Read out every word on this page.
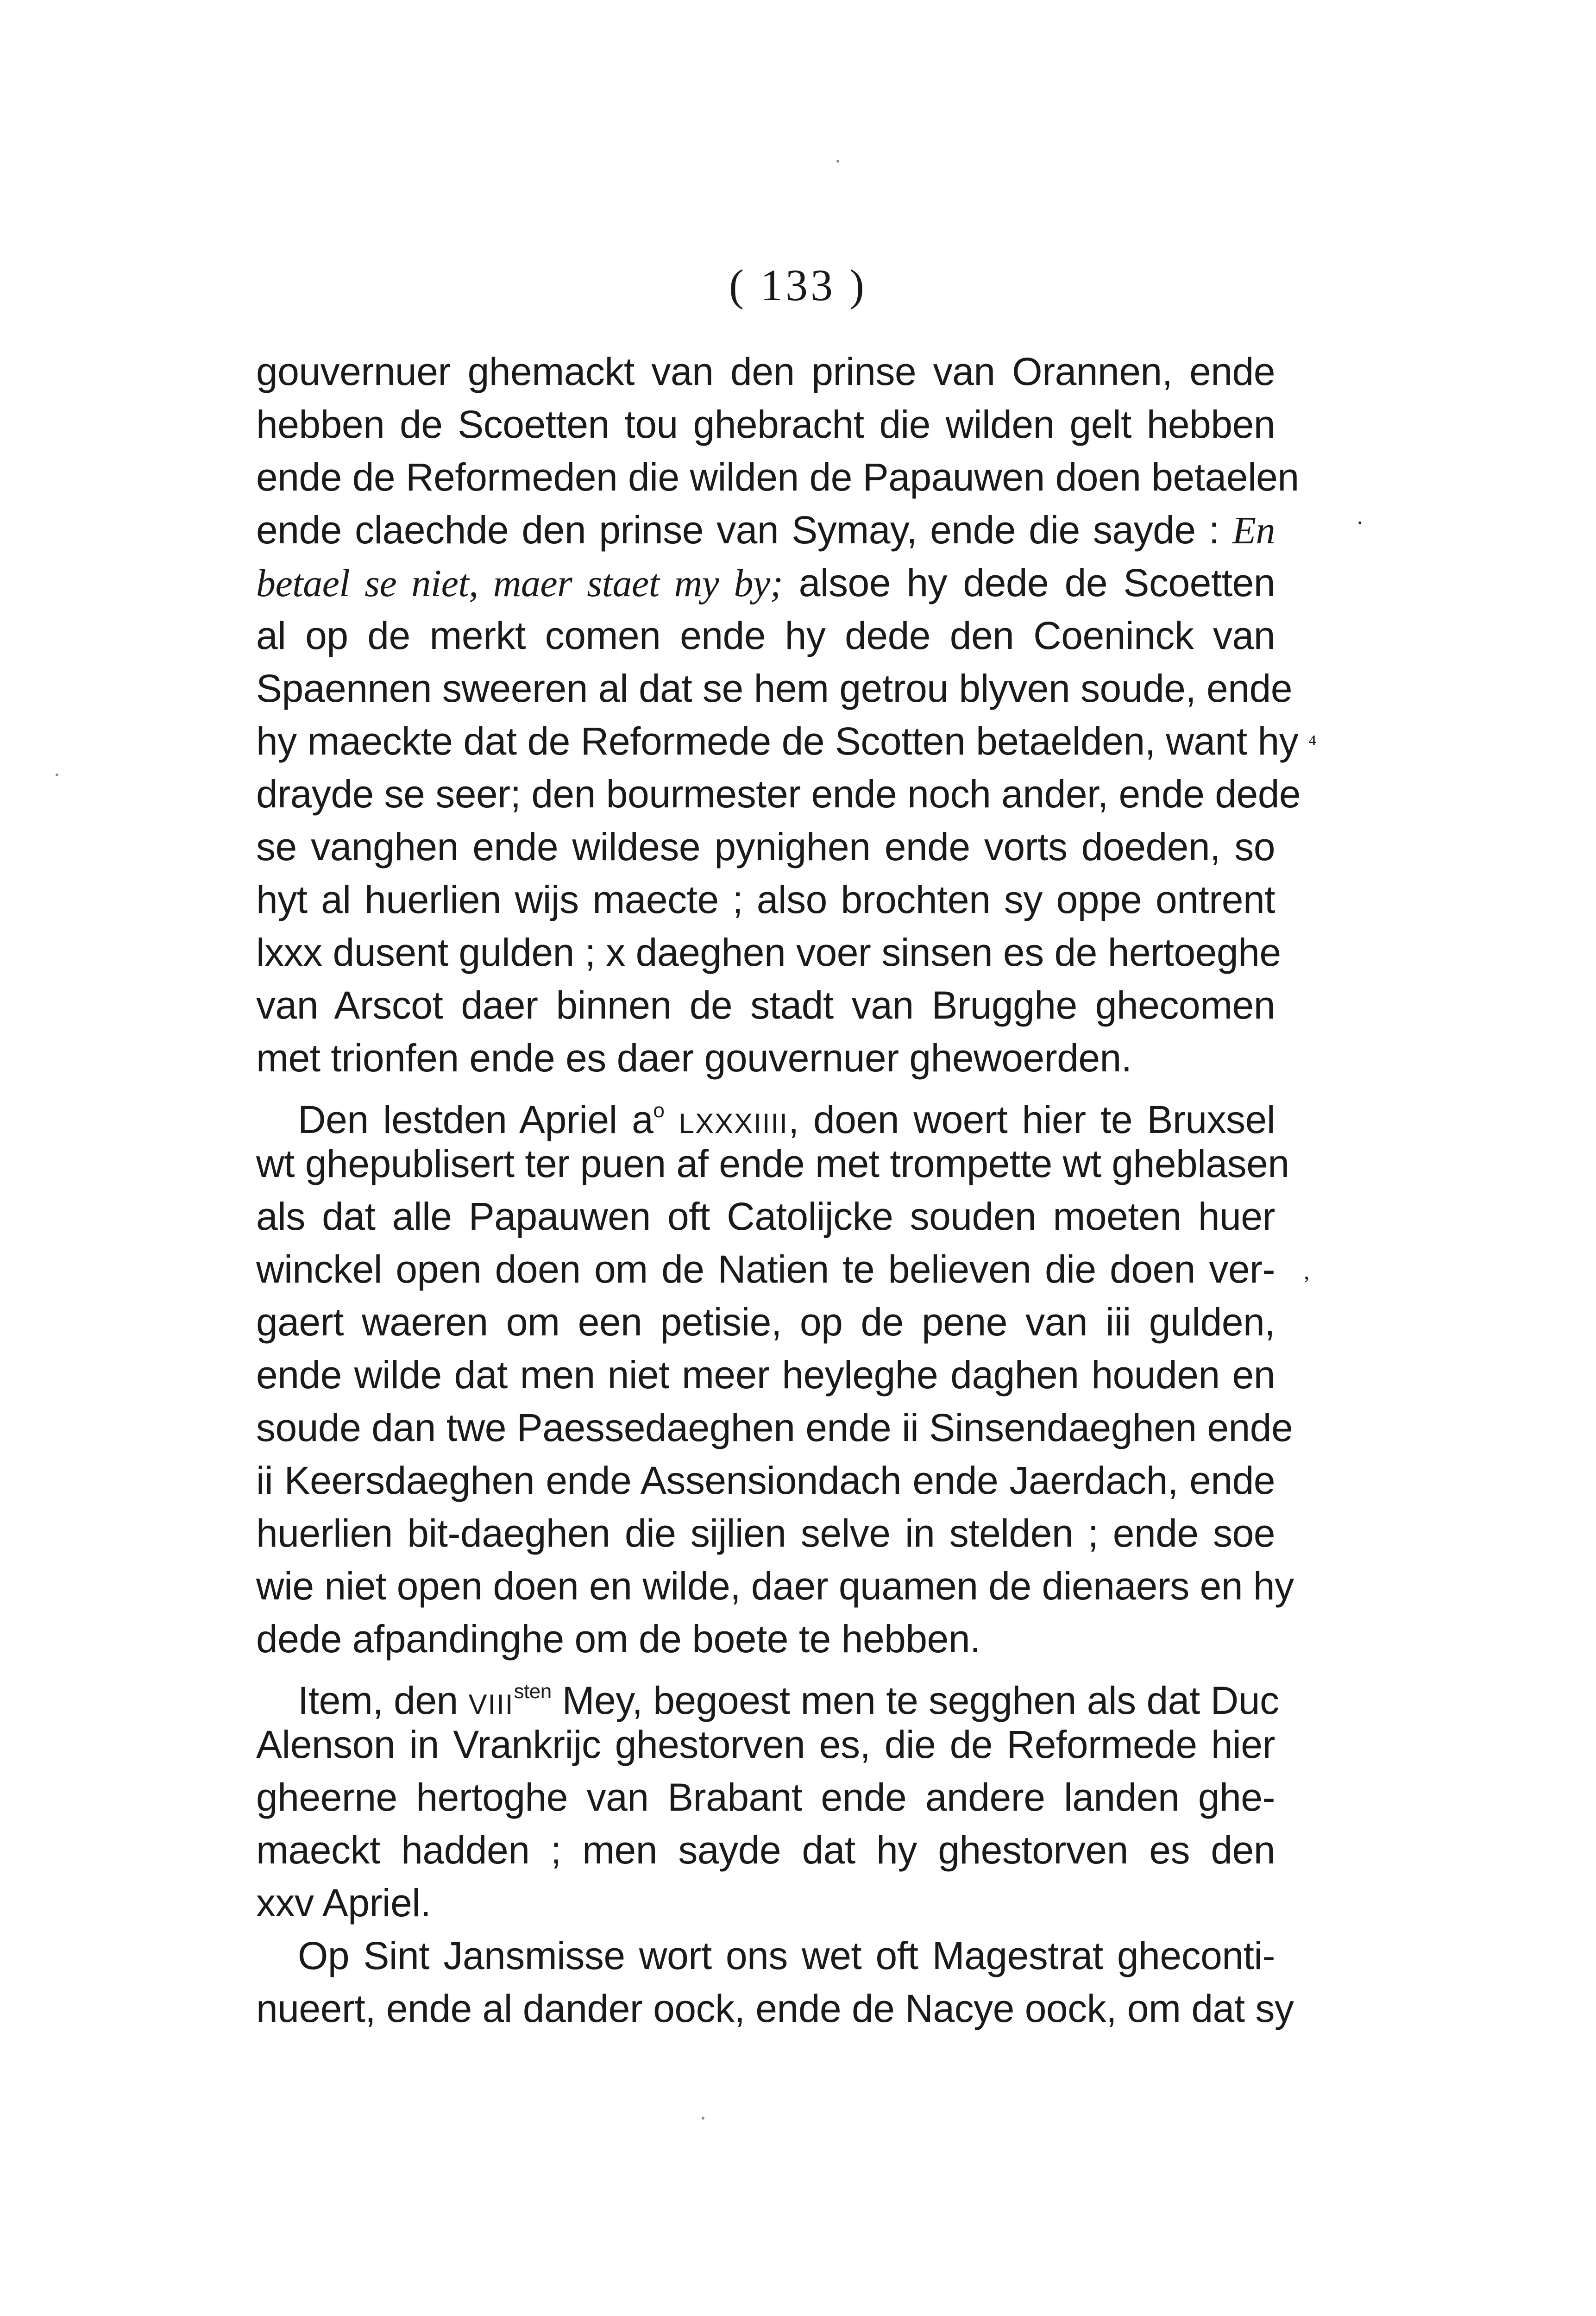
( 133 )
gouvernuer ghemackt van den prinse van Orannen, ende
hebben de Scoetten tou ghebracht die wilden gelt hebben
ende de Reformeden die wilden de Papauwen doen betaelen
ende claechde den prinse van Symay, ende die sayde : En
betael se niet, maer staet my by; alsoe hy dede de Scoetten
al op de merkt comen ende hy dede den Coeninck van
Spaennen sweeren al dat se hem getrou blyven soude, ende
hy maeckte dat de Reformede de Scotten betaelden, want hy
drayde se seer; den bourmester ende noch ander, ende dede
se vanghen ende wildese pynighen ende vorts doeden, so
hyt al huerlien wijs maecte ; also brochten sy oppe ontrent
lxxx dusent gulden ; x daeghen voer sinsen es de hertoeghe
van Arscot daer binnen de stadt van Brugghe ghecomen
met trionfen ende es daer gouvernuer ghewoerden.
Den lestden Apriel $a^o$ LXXXIIII, doen woert hier te Bruxsel
wt ghepublisert ter puen af ende met trompette wt gheblasen
als dat alle Papauwen oft Catolijcke souden moeten huer
winckel open doen om de Natien te believen die doen ver-
gaert waeren om een petisie, op de pene van iii gulden,
ende wilde dat men niet meer heyleghe daghen houden en
soude dan twe Paessedaeghen ende ii Sinsendaeghen ende
ii Keersdaeghen ende Assensiondach ende Jaerdach, ende
huerlien bit-daeghen die sijlien selve in stelden ; ende soe
wie niet open doen en wilde, daer quamen de dienaers en hy
dede afpandinghe om de boete te hebben.
Item, den $VIII^{sten}$ Mey, begoest men te segghen als dat Duc
Alenson in Vrankrijc ghestorven es, die de Reformede hier
gheerne hertoghe van Brabant ende andere landen ghe-
maeckt hadden ; men sayde dat hy ghestorven es den
xxv Apriel.
Op Sint Jansmisse wort ons wet oft Magestrat gheconti-
nueert, ende al dander oock, ende de Nacye oock, om dat sy
⁴
,
.
